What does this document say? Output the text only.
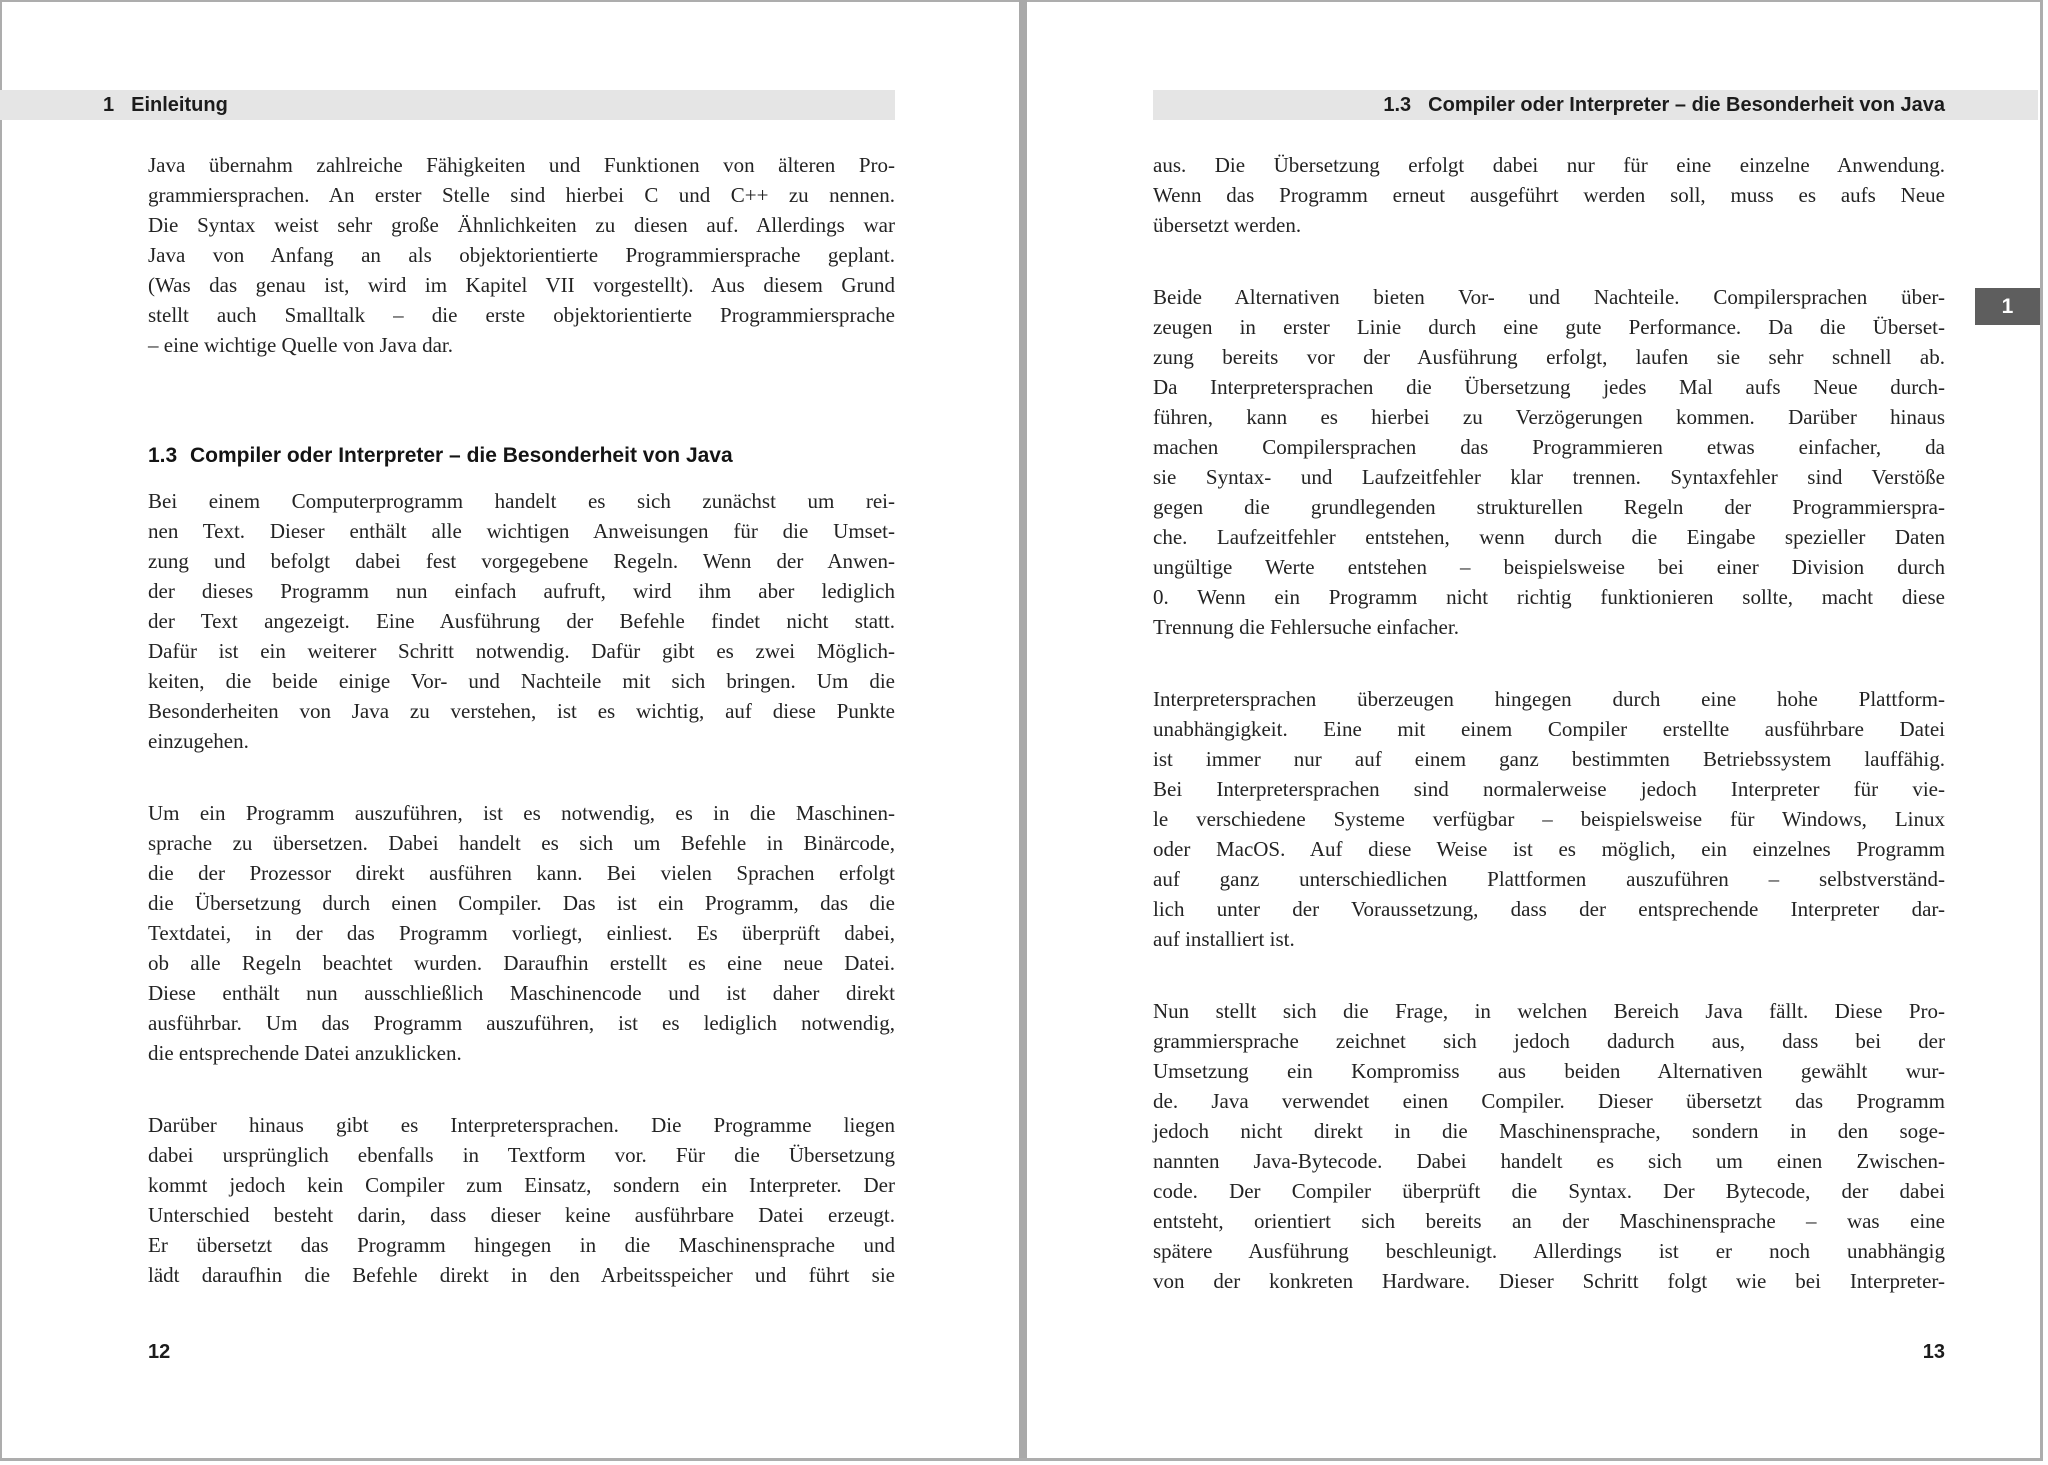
1 Einleitung
Java übernahm zahlreiche Fähigkeiten und Funktionen von älteren Pro-
grammiersprachen. An erster Stelle sind hierbei C und C++ zu nennen.
Die Syntax weist sehr große Ähnlichkeiten zu diesen auf. Allerdings war
Java von Anfang an als objektorientierte Programmiersprache geplant.
(Was das genau ist, wird im Kapitel VII vorgestellt). Aus diesem Grund
stellt auch Smalltalk – die erste objektorientierte Programmiersprache
– eine wichtige Quelle von Java dar.
1.3 Compiler oder Interpreter – die Besonderheit von Java
Bei einem Computerprogramm handelt es sich zunächst um rei-
nen Text. Dieser enthält alle wichtigen Anweisungen für die Umset-
zung und befolgt dabei fest vorgegebene Regeln. Wenn der Anwen-
der dieses Programm nun einfach aufruft, wird ihm aber lediglich
der Text angezeigt. Eine Ausführung der Befehle findet nicht statt.
Dafür ist ein weiterer Schritt notwendig. Dafür gibt es zwei Möglich-
keiten, die beide einige Vor- und Nachteile mit sich bringen. Um die
Besonderheiten von Java zu verstehen, ist es wichtig, auf diese Punkte
einzugehen.
Um ein Programm auszuführen, ist es notwendig, es in die Maschinen-
sprache zu übersetzen. Dabei handelt es sich um Befehle in Binärcode,
die der Prozessor direkt ausführen kann. Bei vielen Sprachen erfolgt
die Übersetzung durch einen Compiler. Das ist ein Programm, das die
Textdatei, in der das Programm vorliegt, einliest. Es überprüft dabei,
ob alle Regeln beachtet wurden. Daraufhin erstellt es eine neue Datei.
Diese enthält nun ausschließlich Maschinencode und ist daher direkt
ausführbar. Um das Programm auszuführen, ist es lediglich notwendig,
die entsprechende Datei anzuklicken.
Darüber hinaus gibt es Interpretersprachen. Die Programme liegen
dabei ursprünglich ebenfalls in Textform vor. Für die Übersetzung
kommt jedoch kein Compiler zum Einsatz, sondern ein Interpreter. Der
Unterschied besteht darin, dass dieser keine ausführbare Datei erzeugt.
Er übersetzt das Programm hingegen in die Maschinensprache und
lädt daraufhin die Befehle direkt in den Arbeitsspeicher und führt sie
12
1.3 Compiler oder Interpreter – die Besonderheit von Java
1
aus. Die Übersetzung erfolgt dabei nur für eine einzelne Anwendung.
Wenn das Programm erneut ausgeführt werden soll, muss es aufs Neue
übersetzt werden.
Beide Alternativen bieten Vor- und Nachteile. Compilersprachen über-
zeugen in erster Linie durch eine gute Performance. Da die Überset-
zung bereits vor der Ausführung erfolgt, laufen sie sehr schnell ab.
Da Interpretersprachen die Übersetzung jedes Mal aufs Neue durch-
führen, kann es hierbei zu Verzögerungen kommen. Darüber hinaus
machen Compilersprachen das Programmieren etwas einfacher, da
sie Syntax- und Laufzeitfehler klar trennen. Syntaxfehler sind Verstöße
gegen die grundlegenden strukturellen Regeln der Programmierspra-
che. Laufzeitfehler entstehen, wenn durch die Eingabe spezieller Daten
ungültige Werte entstehen – beispielsweise bei einer Division durch
0. Wenn ein Programm nicht richtig funktionieren sollte, macht diese
Trennung die Fehlersuche einfacher.
Interpretersprachen überzeugen hingegen durch eine hohe Plattform-
unabhängigkeit. Eine mit einem Compiler erstellte ausführbare Datei
ist immer nur auf einem ganz bestimmten Betriebssystem lauffähig.
Bei Interpretersprachen sind normalerweise jedoch Interpreter für vie-
le verschiedene Systeme verfügbar – beispielsweise für Windows, Linux
oder MacOS. Auf diese Weise ist es möglich, ein einzelnes Programm
auf ganz unterschiedlichen Plattformen auszuführen – selbstverständ-
lich unter der Voraussetzung, dass der entsprechende Interpreter dar-
auf installiert ist.
Nun stellt sich die Frage, in welchen Bereich Java fällt. Diese Pro-
grammiersprache zeichnet sich jedoch dadurch aus, dass bei der
Umsetzung ein Kompromiss aus beiden Alternativen gewählt wur-
de. Java verwendet einen Compiler. Dieser übersetzt das Programm
jedoch nicht direkt in die Maschinensprache, sondern in den soge-
nannten Java-Bytecode. Dabei handelt es sich um einen Zwischen-
code. Der Compiler überprüft die Syntax. Der Bytecode, der dabei
entsteht, orientiert sich bereits an der Maschinensprache – was eine
spätere Ausführung beschleunigt. Allerdings ist er noch unabhängig
von der konkreten Hardware. Dieser Schritt folgt wie bei Interpreter-
13
